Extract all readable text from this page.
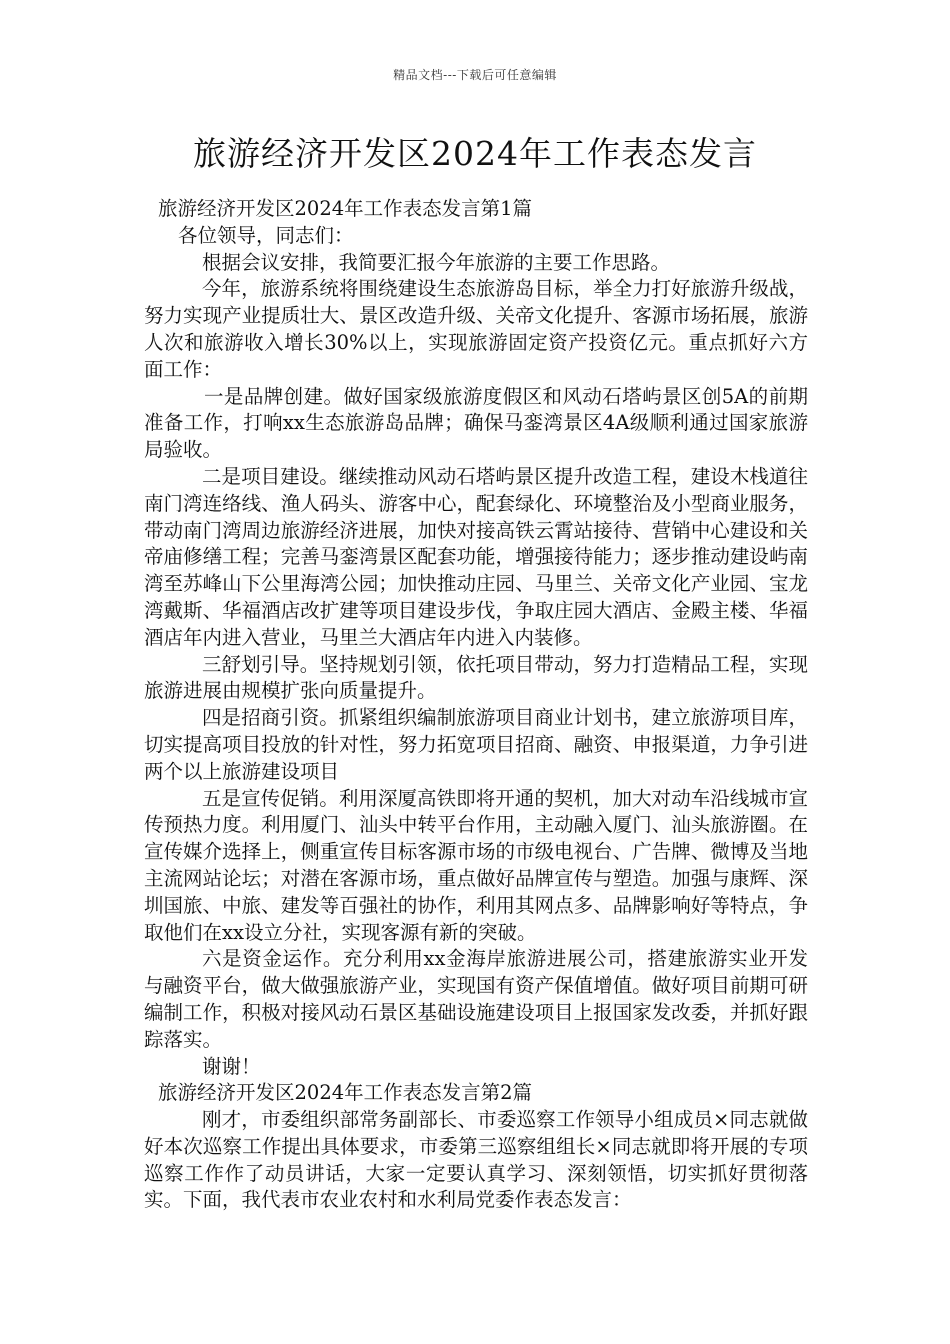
精品文档---下载后可任意编辑
旅游经济开发区2024年工作表态发言

旅游经济开发区2024年工作表态发言第1篇

各位领导，同志们：

根据会议安排，我简要汇报今年旅游的主要工作思路。

今年，旅游系统将围绕建设生态旅游岛目标，举全力打好旅游升级战，努力实现产业提质壮大、景区改造升级、关帝文化提升、客源市场拓展，旅游人次和旅游收入增长30%以上，实现旅游固定资产投资亿元。重点抓好六方面工作：

一是品牌创建。做好国家级旅游度假区和风动石塔屿景区创5A的前期准备工作，打响xx生态旅游岛品牌；确保马銮湾景区4A级顺利通过国家旅游局验收。

二是项目建设。继续推动风动石塔屿景区提升改造工程，建设木栈道往南门湾连络线、渔人码头、游客中心，配套绿化、环境整治及小型商业服务，带动南门湾周边旅游经济进展，加快对接高铁云霄站接待、营销中心建设和关帝庙修缮工程；完善马銮湾景区配套功能，增强接待能力；逐步推动建设屿南湾至苏峰山下公里海湾公园；加快推动庄园、马里兰、关帝文化产业园、宝龙湾戴斯、华福酒店改扩建等项目建设步伐，争取庄园大酒店、金殿主楼、华福酒店年内进入营业，马里兰大酒店年内进入内装修。

三舒划引导。坚持规划引领，依托项目带动，努力打造精品工程，实现旅游进展由规模扩张向质量提升。

四是招商引资。抓紧组织编制旅游项目商业计划书，建立旅游项目库，切实提高项目投放的针对性，努力拓宽项目招商、融资、申报渠道，力争引进两个以上旅游建设项目

五是宣传促销。利用深厦高铁即将开通的契机，加大对动车沿线城市宣传预热力度。利用厦门、汕头中转平台作用，主动融入厦门、汕头旅游圈。在宣传媒介选择上，侧重宣传目标客源市场的市级电视台、广告牌、微博及当地主流网站论坛；对潜在客源市场，重点做好品牌宣传与塑造。加强与康辉、深圳国旅、中旅、建发等百强社的协作，利用其网点多、品牌影响好等特点，争取他们在xx设立分社，实现客源有新的突破。

六是资金运作。充分利用xx金海岸旅游进展公司，搭建旅游实业开发与融资平台，做大做强旅游产业，实现国有资产保值增值。做好项目前期可研编制工作，积极对接风动石景区基础设施建设项目上报国家发改委，并抓好跟踪落实。

谢谢！

旅游经济开发区2024年工作表态发言第2篇

刚才，市委组织部常务副部长、市委巡察工作领导小组成员×同志就做好本次巡察工作提出具体要求，市委第三巡察组组长×同志就即将开展的专项巡察工作作了动员讲话，大家一定要认真学习、深刻领悟，切实抓好贯彻落实。下面，我代表市农业农村和水利局党委作表态发言：
